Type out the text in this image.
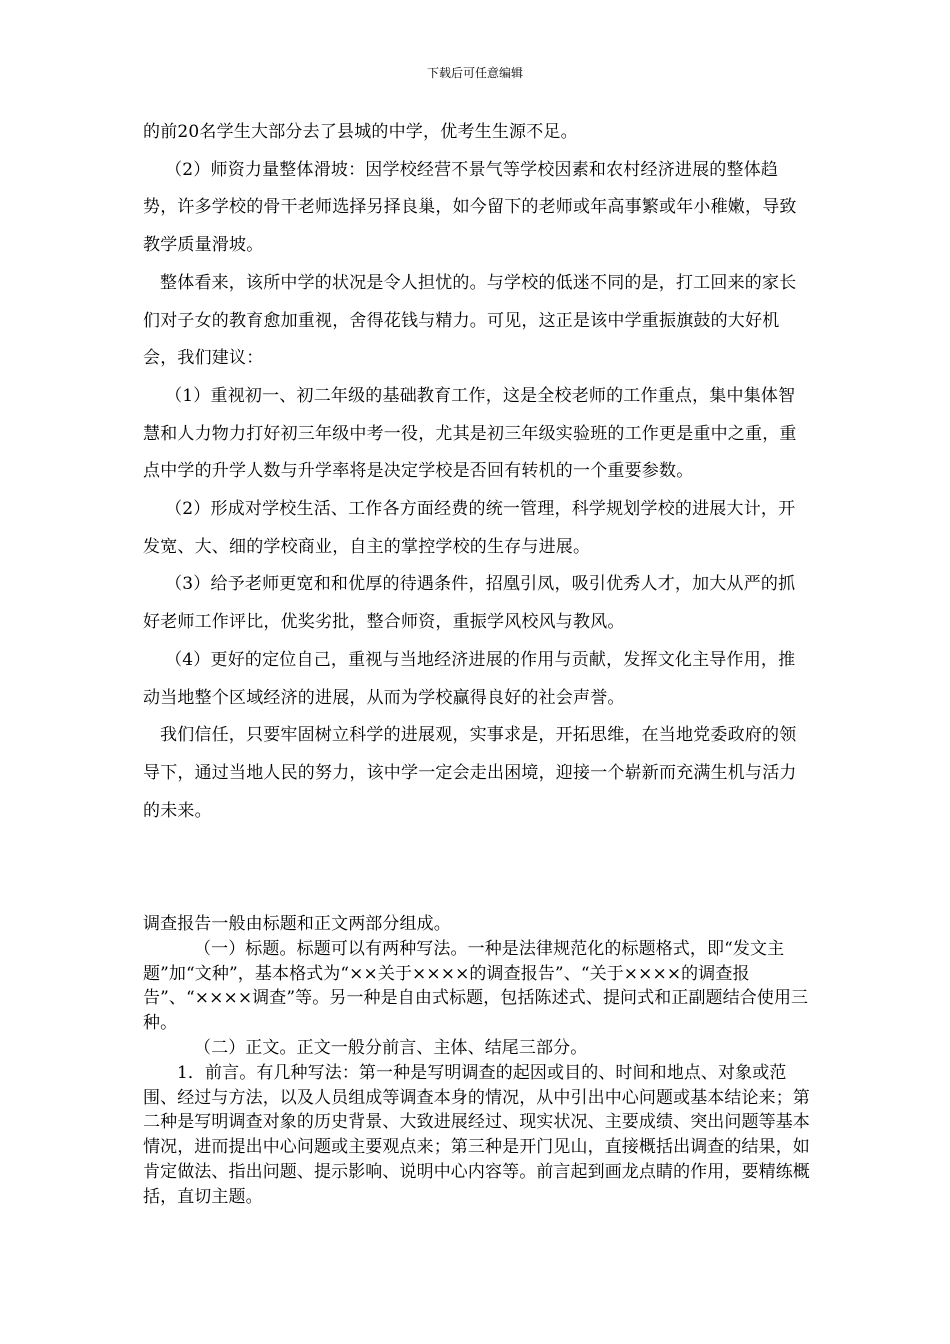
下载后可任意编辑

的前20名学生大部分去了县城的中学，优考生生源不足。

（2）师资力量整体滑坡：因学校经营不景气等学校因素和农村经济进展的整体趋势，许多学校的骨干老师选择另择良巢，如今留下的老师或年高事繁或年小稚嫩，导致教学质量滑坡。

整体看来，该所中学的状况是令人担忧的。与学校的低迷不同的是，打工回来的家长们对子女的教育愈加重视，舍得花钱与精力。可见，这正是该中学重振旗鼓的大好机会，我们建议：

（1）重视初一、初二年级的基础教育工作，这是全校老师的工作重点，集中集体智慧和人力物力打好初三年级中考一役，尤其是初三年级实验班的工作更是重中之重，重点中学的升学人数与升学率将是决定学校是否回有转机的一个重要参数。

（2）形成对学校生活、工作各方面经费的统一管理，科学规划学校的进展大计，开发宽、大、细的学校商业，自主的掌控学校的生存与进展。

（3）给予老师更宽和和优厚的待遇条件，招凰引凤，吸引优秀人才，加大从严的抓好老师工作评比，优奖劣批，整合师资，重振学风校风与教风。

（4）更好的定位自己，重视与当地经济进展的作用与贡献，发挥文化主导作用，推动当地整个区域经济的进展，从而为学校赢得良好的社会声誉。

我们信任，只要牢固树立科学的进展观，实事求是，开拓思维，在当地党委政府的领导下，通过当地人民的努力，该中学一定会走出困境，迎接一个崭新而充满生机与活力的未来。

调查报告一般由标题和正文两部分组成。

（一）标题。标题可以有两种写法。一种是法律规范化的标题格式，即“发文主题”加“文种”，基本格式为“××关于××××的调查报告”、“关于××××的调查报告”、“××××调查”等。另一种是自由式标题，包括陈述式、提问式和正副题结合使用三种。

（二）正文。正文一般分前言、主体、结尾三部分。

1．前言。有几种写法：第一种是写明调查的起因或目的、时间和地点、对象或范围、经过与方法，以及人员组成等调查本身的情况，从中引出中心问题或基本结论来；第二种是写明调查对象的历史背景、大致进展经过、现实状况、主要成绩、突出问题等基本情况，进而提出中心问题或主要观点来；第三种是开门见山，直接概括出调查的结果，如肯定做法、指出问题、提示影响、说明中心内容等。前言起到画龙点睛的作用，要精练概括，直切主题。
